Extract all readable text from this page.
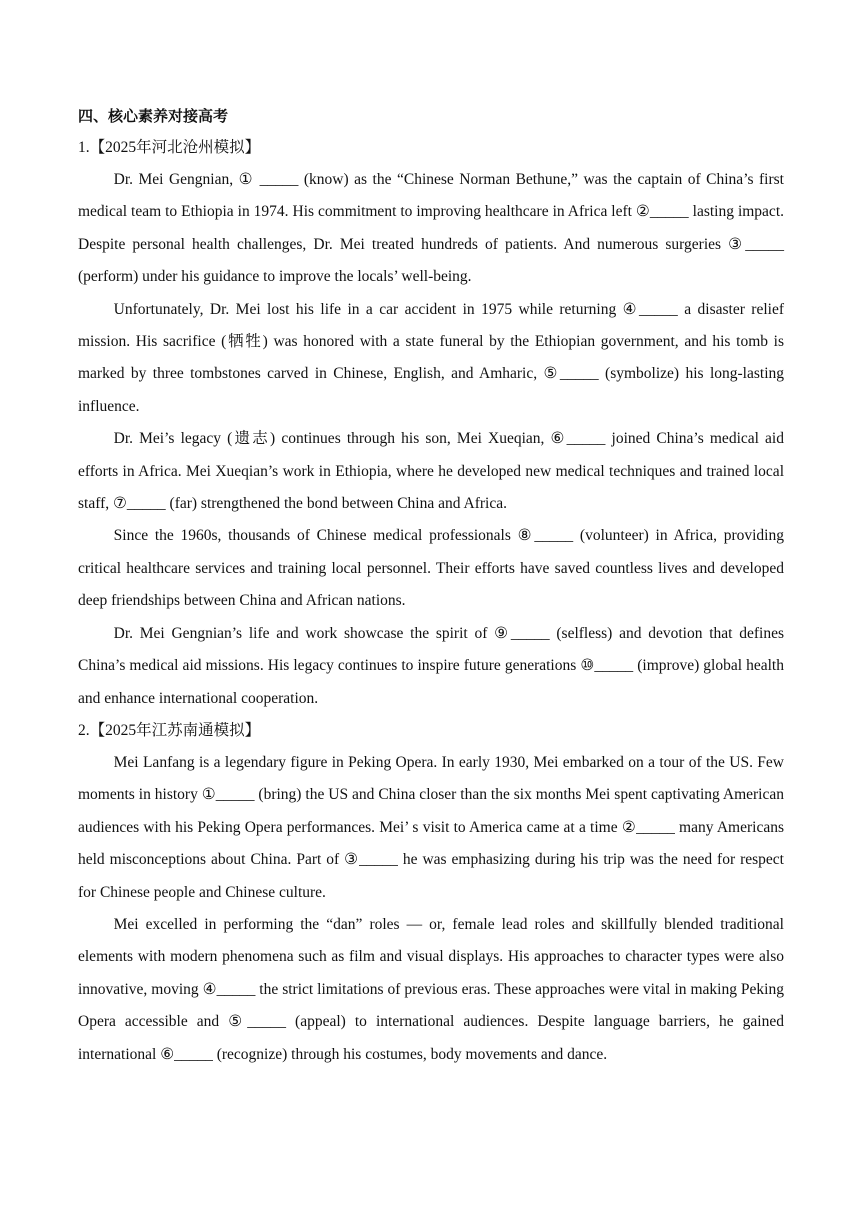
四、核心素养对接高考
1.【2025年河北沧州模拟】

Dr. Mei Gengnian, ① _____ (know) as the “Chinese Norman Bethune,” was the captain of China’s first medical team to Ethiopia in 1974. His commitment to improving healthcare in Africa left ②_____ lasting impact. Despite personal health challenges, Dr. Mei treated hundreds of patients. And numerous surgeries ③_____ (perform) under his guidance to improve the locals’ well-being.

Unfortunately, Dr. Mei lost his life in a car accident in 1975 while returning ④_____ a disaster relief mission. His sacrifice (牺牲) was honored with a state funeral by the Ethiopian government, and his tomb is marked by three tombstones carved in Chinese, English, and Amharic, ⑤_____ (symbolize) his long-lasting influence.

Dr. Mei’s legacy (遗志) continues through his son, Mei Xueqian, ⑥_____ joined China’s medical aid efforts in Africa. Mei Xueqian’s work in Ethiopia, where he developed new medical techniques and trained local staff, ⑦_____ (far) strengthened the bond between China and Africa.

Since the 1960s, thousands of Chinese medical professionals ⑧_____ (volunteer) in Africa, providing critical healthcare services and training local personnel. Their efforts have saved countless lives and developed deep friendships between China and African nations.

Dr. Mei Gengnian’s life and work showcase the spirit of ⑨_____ (selfless) and devotion that defines China’s medical aid missions. His legacy continues to inspire future generations ⑩_____ (improve) global health and enhance international cooperation.

2.【2025年江苏南通模拟】

Mei Lanfang is a legendary figure in Peking Opera. In early 1930, Mei embarked on a tour of the US. Few moments in history ①_____ (bring) the US and China closer than the six months Mei spent captivating American audiences with his Peking Opera performances. Mei’ s visit to America came at a time ②_____ many Americans held misconceptions about China. Part of ③_____ he was emphasizing during his trip was the need for respect for Chinese people and Chinese culture.

Mei excelled in performing the “dan” roles — or, female lead roles and skillfully blended traditional elements with modern phenomena such as film and visual displays. His approaches to character types were also innovative, moving ④_____ the strict limitations of previous eras. These approaches were vital in making Peking Opera accessible and ⑤_____ (appeal) to international audiences. Despite language barriers, he gained international ⑥_____ (recognize) through his costumes, body movements and dance.
